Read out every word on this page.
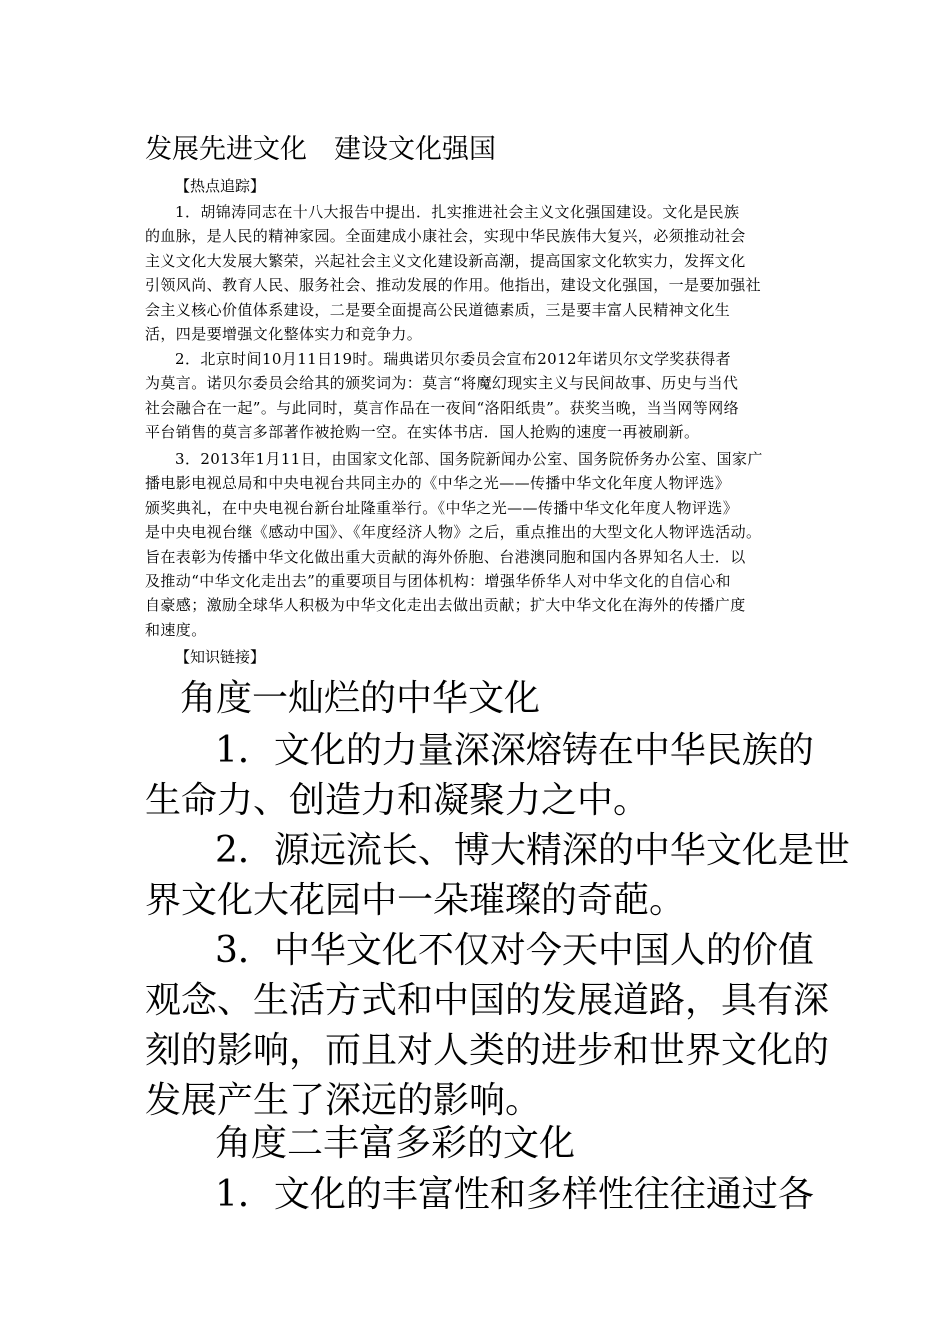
发展先进文化　建设文化强国
【热点追踪】
1．胡锦涛同志在十八大报告中提出．扎实推进社会主义文化强国建设。文化是民族
的血脉，是人民的精神家园。全面建成小康社会，实现中华民族伟大复兴，必须推动社会
主义文化大发展大繁荣，兴起社会主义文化建设新高潮，提高国家文化软实力，发挥文化
引领风尚、教育人民、服务社会、推动发展的作用。他指出，建设文化强国，一是要加强社
会主义核心价值体系建设，二是要全面提高公民道德素质，三是要丰富人民精神文化生
活，四是要增强文化整体实力和竞争力。
2．北京时间10月11日19时。瑞典诺贝尔委员会宣布2012年诺贝尔文学奖获得者
为莫言。诺贝尔委员会给其的颁奖词为：莫言“将魔幻现实主义与民间故事、历史与当代
社会融合在一起”。与此同时，莫言作品在一夜间“洛阳纸贵”。获奖当晚，当当网等网络
平台销售的莫言多部著作被抢购一空。在实体书店．国人抢购的速度一再被刷新。
3．2013年1月11日，由国家文化部、国务院新闻办公室、国务院侨务办公室、国家广
播电影电视总局和中央电视台共同主办的《中华之光——传播中华文化年度人物评选》
颁奖典礼，在中央电视台新台址隆重举行。《中华之光——传播中华文化年度人物评选》
是中央电视台继《感动中国》、《年度经济人物》之后，重点推出的大型文化人物评选活动。
旨在表彰为传播中华文化做出重大贡献的海外侨胞、台港澳同胞和国内各界知名人士．以
及推动“中华文化走出去”的重要项目与团体机构：增强华侨华人对中华文化的自信心和
自豪感；激励全球华人积极为中华文化走出去做出贡献；扩大中华文化在海外的传播广度
和速度。
【知识链接】
角度一灿烂的中华文化
1．文化的力量深深熔铸在中华民族的
生命力、创造力和凝聚力之中。
2．源远流长、博大精深的中华文化是世
界文化大花园中一朵璀璨的奇葩。
3．中华文化不仅对今天中国人的价值
观念、生活方式和中国的发展道路，具有深
刻的影响，而且对人类的进步和世界文化的
发展产生了深远的影响。
角度二丰富多彩的文化
1．文化的丰富性和多样性往往通过各
